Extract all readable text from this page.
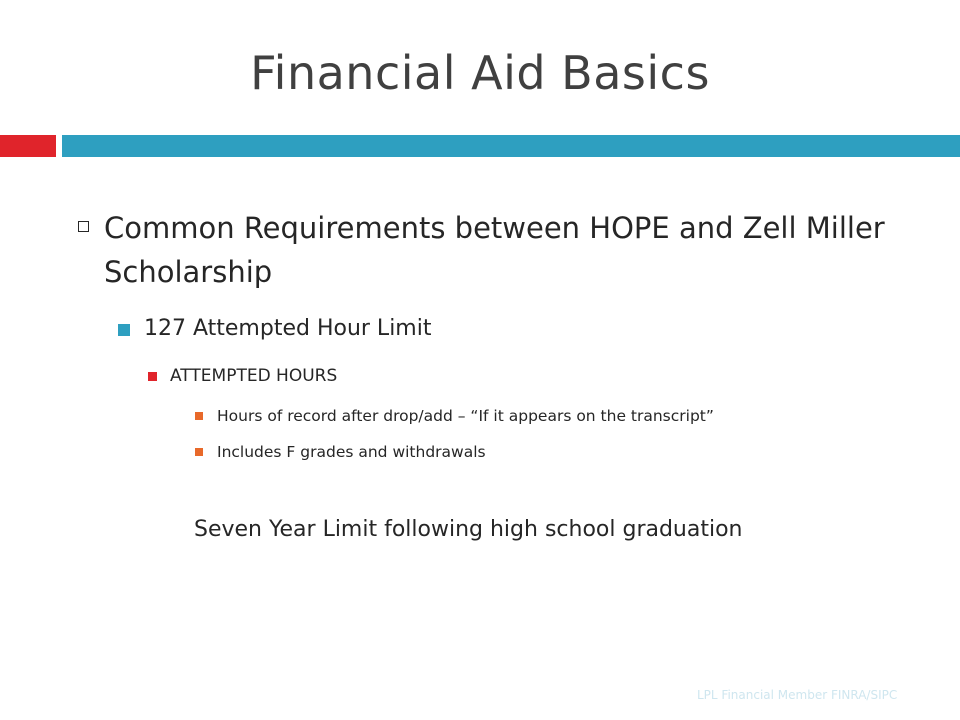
Financial Aid Basics
Common Requirements between HOPE and Zell Miller Scholarship
127 Attempted Hour Limit
ATTEMPTED HOURS
Hours of record after drop/add – “If it appears on the transcript”
Includes F grades and withdrawals
Seven Year Limit following high school graduation
LPL Financial Member FINRA/SIPC
